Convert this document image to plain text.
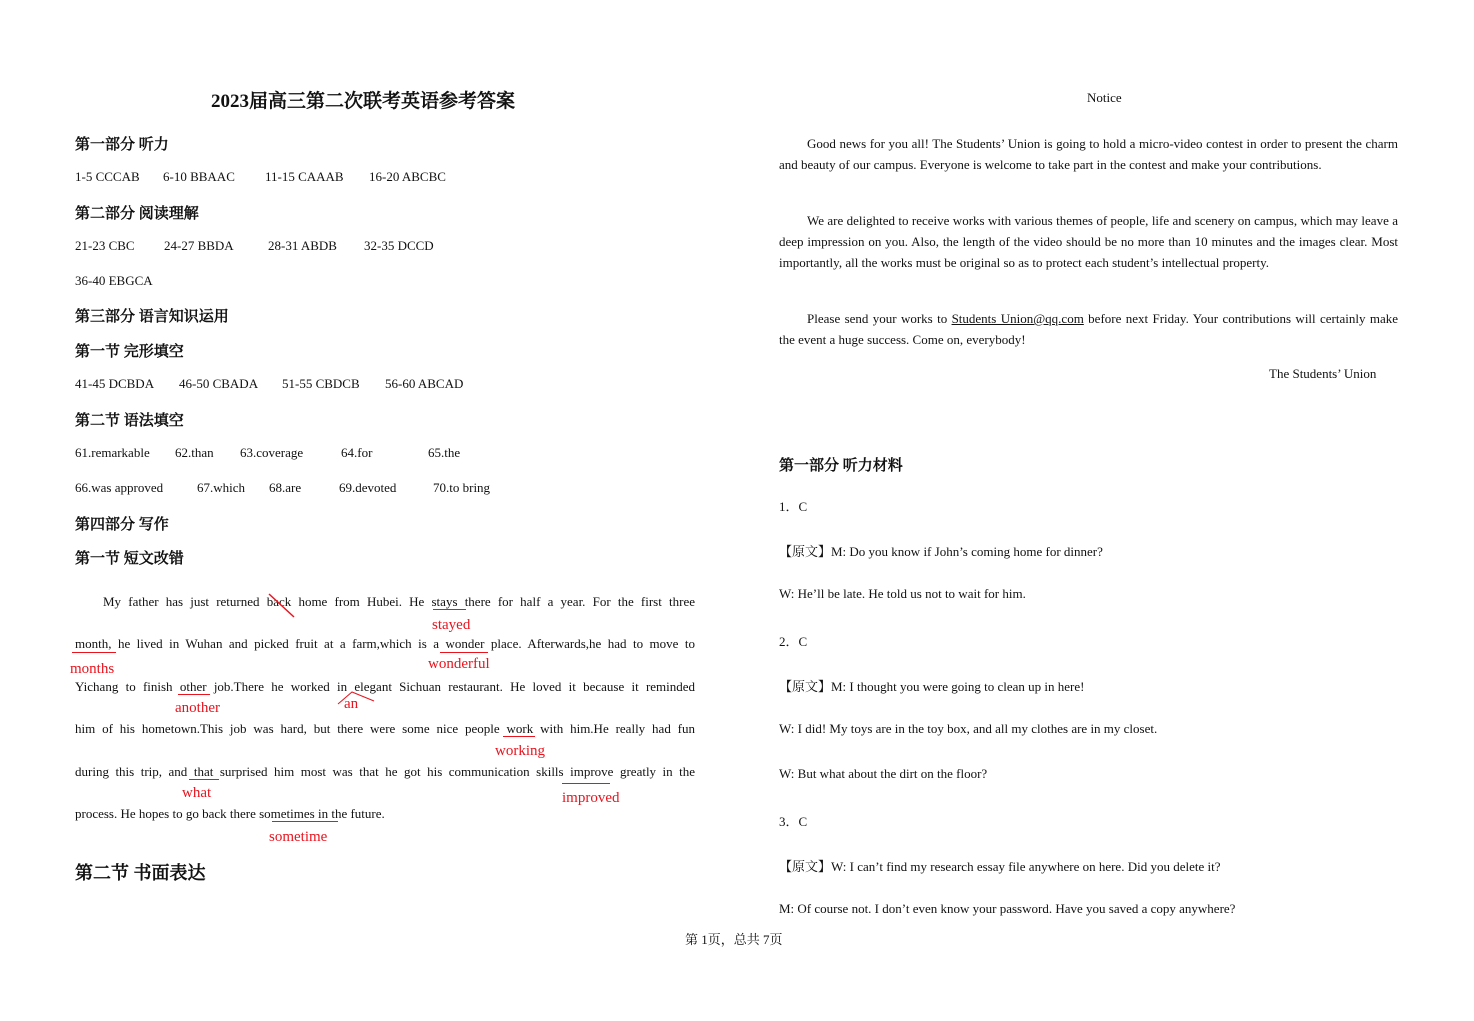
2023届高三第二次联考英语参考答案
第一部分 听力
1-5 CCCAB 6-10 BBAAC 11-15 CAAAB 16-20 ABCBC
第二部分 阅读理解
21-23 CBC 24-27 BBDA	28-31 ABDB 32-35 DCCD
36-40 EBGCA
第三部分 语言知识运用
第一节 完形填空
41-45 DCBDA 46-50 CBADA 51-55 CBDCB 56-60 ABCAD
第二节 语法填空
61.remarkable 62.than 63.coverage	64.for	65.the
66.was approved	67.which 68.are	69.devoted	70.to bring
第四部分 写作
第一节 短文改错
My father has just returned back home from Hubei. He stays there for half a year. For the first three
month, he lived in Wuhan and picked fruit at a farm,which is a wonder place. Afterwards,he had to move to
Yichang to finish other job.There he worked in elegant Sichuan restaurant. He loved it because it reminded
him of his hometown.This job was hard, but there were some nice people work with him.He really had fun
during this trip, and that surprised him most was that he got his communication skills improve greatly in the
process. He hopes to go back there sometimes in the future.
stayed
months	wonderful
another	an
working
what	improved
sometime
第二节 书面表达
Notice
Good news for you all! The Students’ Union is going to hold a micro-video contest in order to present the charm and beauty of our campus. Everyone is welcome to take part in the contest and make your contributions.
We are delighted to receive works with various themes of people, life and scenery on campus, which may leave a deep impression on you. Also, the length of the video should be no more than 10 minutes and the images clear. Most importantly, all the works must be original so as to protect each student’s intellectual property.
Please send your works to Students Union@qq.com before next Friday. Your contributions will certainly make the event a huge success. Come on, everybody!
The Students’ Union
第一部分 听力材料
1．C
【原文】M: Do you know if John’s coming home for dinner?
W: He’ll be late. He told us not to wait for him.
2．C
【原文】M: I thought you were going to clean up in here!
W: I did! My toys are in the toy box, and all my clothes are in my closet.
W: But what about the dirt on the floor?
3．C
【原文】W: I can’t find my research essay file anywhere on here. Did you delete it?
M: Of course not. I don’t even know your password. Have you saved a copy anywhere?
第 1页，总共 7页
